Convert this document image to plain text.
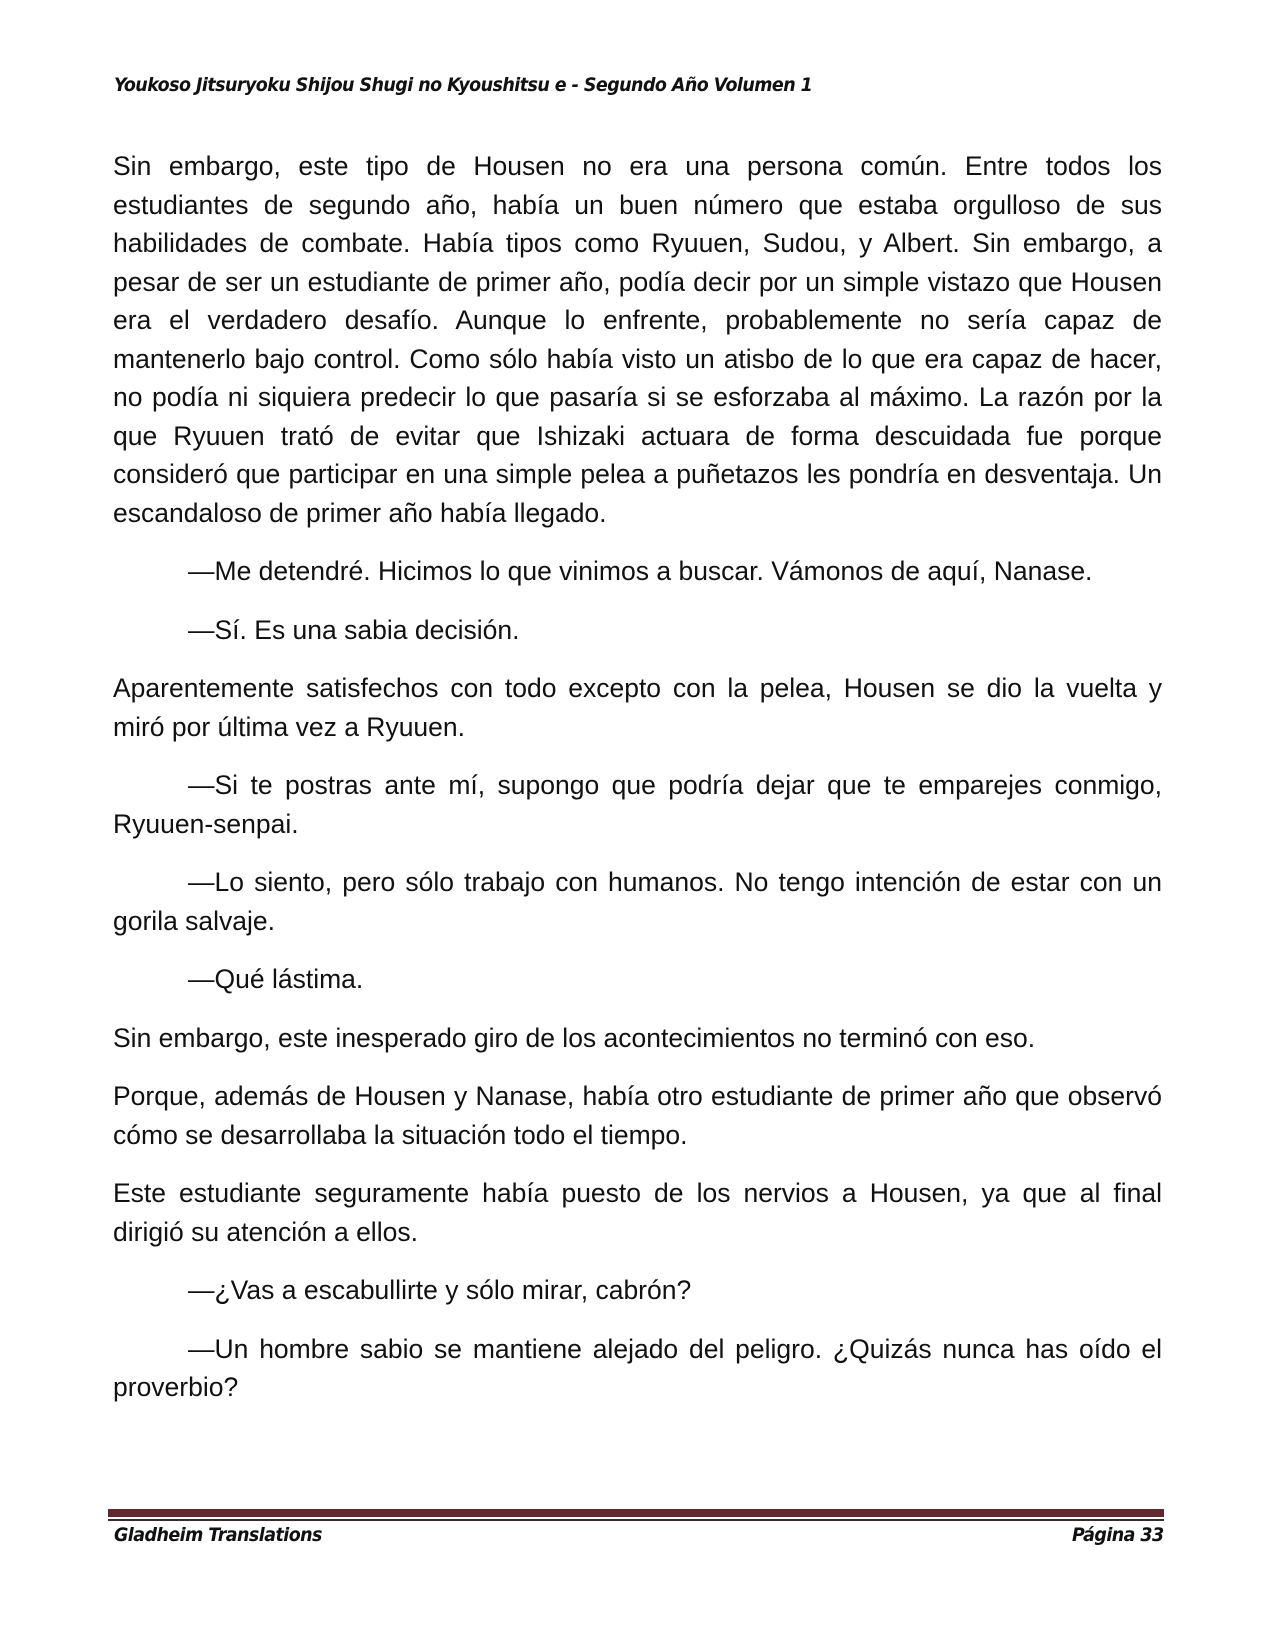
Youkoso Jitsuryoku Shijou Shugi no Kyoushitsu e - Segundo Año Volumen 1

Sin embargo, este tipo de Housen no era una persona común. Entre todos los estudiantes de segundo año, había un buen número que estaba orgulloso de sus habilidades de combate. Había tipos como Ryuuen, Sudou, y Albert. Sin embargo, a pesar de ser un estudiante de primer año, podía decir por un simple vistazo que Housen era el verdadero desafío. Aunque lo enfrente, probablemente no sería capaz de mantenerlo bajo control. Como sólo había visto un atisbo de lo que era capaz de hacer, no podía ni siquiera predecir lo que pasaría si se esforzaba al máximo. La razón por la que Ryuuen trató de evitar que Ishizaki actuara de forma descuidada fue porque consideró que participar en una simple pelea a puñetazos les pondría en desventaja. Un escandaloso de primer año había llegado.

—Me detendré. Hicimos lo que vinimos a buscar. Vámonos de aquí, Nanase.

—Sí. Es una sabia decisión.

Aparentemente satisfechos con todo excepto con la pelea, Housen se dio la vuelta y miró por última vez a Ryuuen.

—Si te postras ante mí, supongo que podría dejar que te emparejes conmigo, Ryuuen-senpai.

—Lo siento, pero sólo trabajo con humanos. No tengo intención de estar con un gorila salvaje.

—Qué lástima.

Sin embargo, este inesperado giro de los acontecimientos no terminó con eso.

Porque, además de Housen y Nanase, había otro estudiante de primer año que observó cómo se desarrollaba la situación todo el tiempo.

Este estudiante seguramente había puesto de los nervios a Housen, ya que al final dirigió su atención a ellos.

—¿Vas a escabullirte y sólo mirar, cabrón?

—Un hombre sabio se mantiene alejado del peligro. ¿Quizás nunca has oído el proverbio?

Gladheim Translations	Página 33
